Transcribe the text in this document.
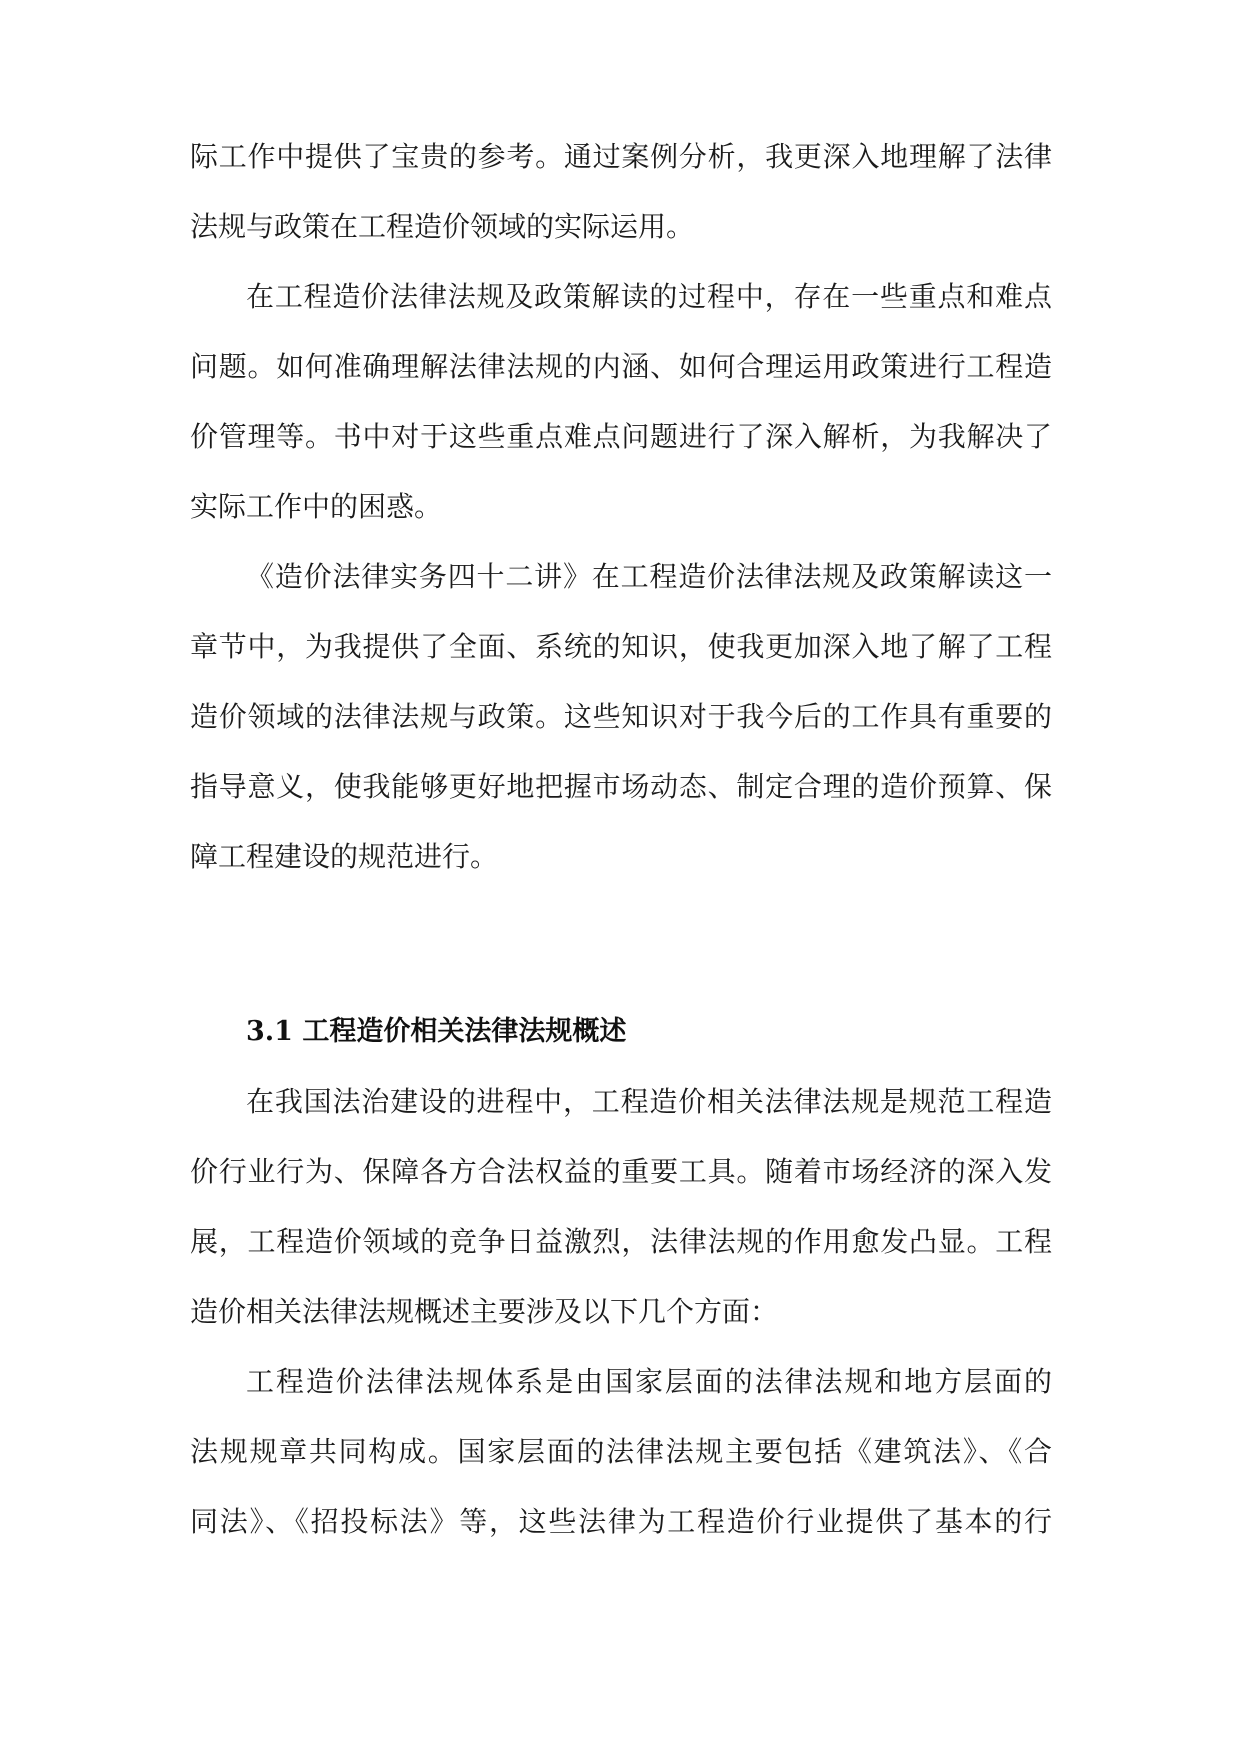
际工作中提供了宝贵的参考。通过案例分析，我更深入地理解了法律
法规与政策在工程造价领域的实际运用。
在工程造价法律法规及政策解读的过程中，存在一些重点和难点
问题。如何准确理解法律法规的内涵、如何合理运用政策进行工程造
价管理等。书中对于这些重点难点问题进行了深入解析，为我解决了
实际工作中的困惑。
《造价法律实务四十二讲》在工程造价法律法规及政策解读这一
章节中，为我提供了全面、系统的知识，使我更加深入地了解了工程
造价领域的法律法规与政策。这些知识对于我今后的工作具有重要的
指导意义，使我能够更好地把握市场动态、制定合理的造价预算、保
障工程建设的规范进行。
3.1 工程造价相关法律法规概述
在我国法治建设的进程中，工程造价相关法律法规是规范工程造
价行业行为、保障各方合法权益的重要工具。随着市场经济的深入发
展，工程造价领域的竞争日益激烈，法律法规的作用愈发凸显。工程
造价相关法律法规概述主要涉及以下几个方面：
工程造价法律法规体系是由国家层面的法律法规和地方层面的
法规规章共同构成。国家层面的法律法规主要包括《建筑法》、《合
同法》、《招投标法》等，这些法律为工程造价行业提供了基本的行
